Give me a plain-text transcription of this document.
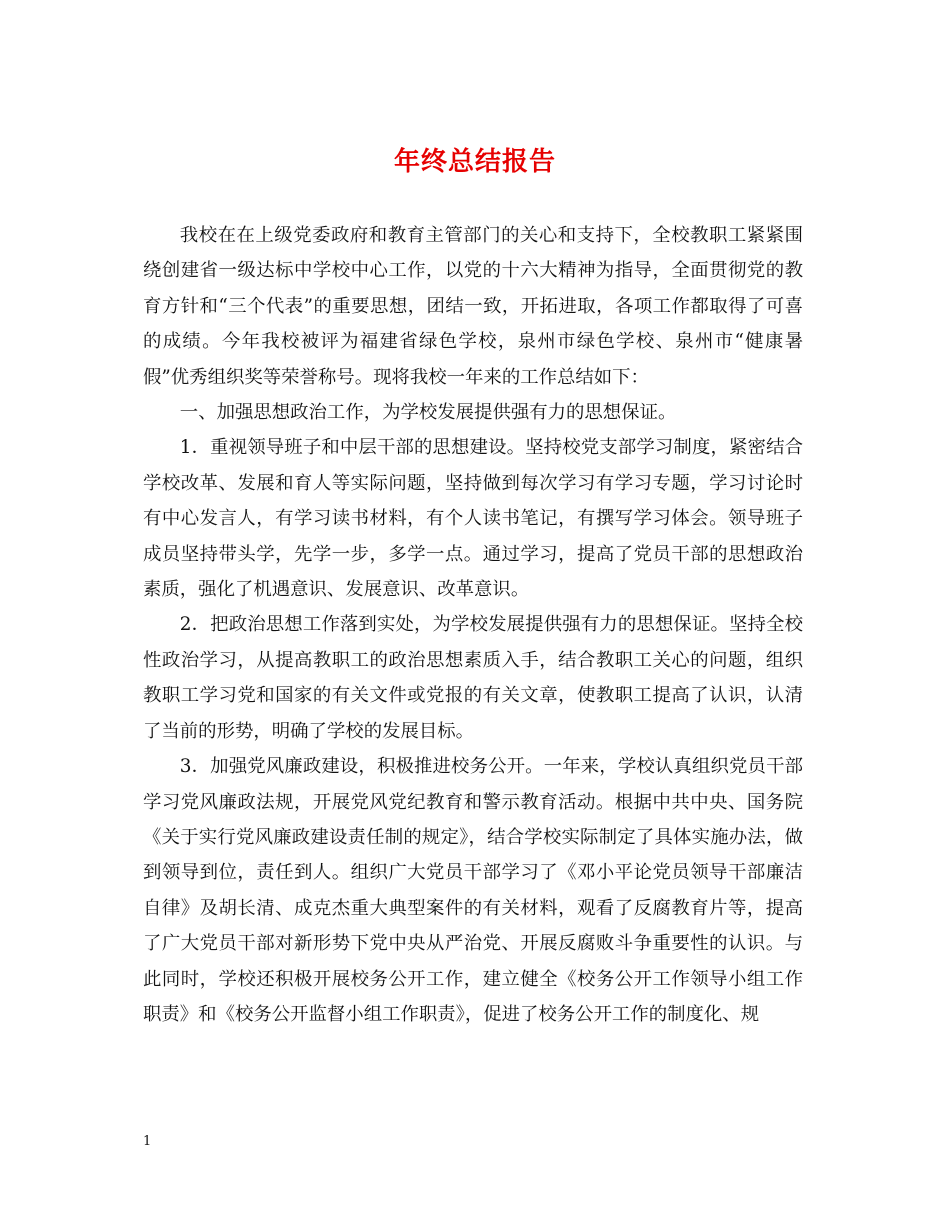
年终总结报告

我校在在上级党委政府和教育主管部门的关心和支持下，全校教职工紧紧围绕创建省一级达标中学校中心工作，以党的十六大精神为指导，全面贯彻党的教育方针和“三个代表”的重要思想，团结一致，开拓进取，各项工作都取得了可喜的成绩。今年我校被评为福建省绿色学校，泉州市绿色学校、泉州市“健康暑假”优秀组织奖等荣誉称号。现将我校一年来的工作总结如下：

一、加强思想政治工作，为学校发展提供强有力的思想保证。

1．重视领导班子和中层干部的思想建设。坚持校党支部学习制度，紧密结合学校改革、发展和育人等实际问题，坚持做到每次学习有学习专题，学习讨论时有中心发言人，有学习读书材料，有个人读书笔记，有撰写学习体会。领导班子成员坚持带头学，先学一步，多学一点。通过学习，提高了党员干部的思想政治素质，强化了机遇意识、发展意识、改革意识。

2．把政治思想工作落到实处，为学校发展提供强有力的思想保证。坚持全校性政治学习，从提高教职工的政治思想素质入手，结合教职工关心的问题，组织教职工学习党和国家的有关文件或党报的有关文章，使教职工提高了认识，认清了当前的形势，明确了学校的发展目标。

3．加强党风廉政建设，积极推进校务公开。一年来，学校认真组织党员干部学习党风廉政法规，开展党风党纪教育和警示教育活动。根据中共中央、国务院《关于实行党风廉政建设责任制的规定》，结合学校实际制定了具体实施办法，做到领导到位，责任到人。组织广大党员干部学习了《邓小平论党员领导干部廉洁自律》及胡长清、成克杰重大典型案件的有关材料，观看了反腐教育片等，提高了广大党员干部对新形势下党中央从严治党、开展反腐败斗争重要性的认识。与此同时，学校还积极开展校务公开工作，建立健全《校务公开工作领导小组工作职责》和《校务公开监督小组工作职责》，促进了校务公开工作的制度化、规

1
